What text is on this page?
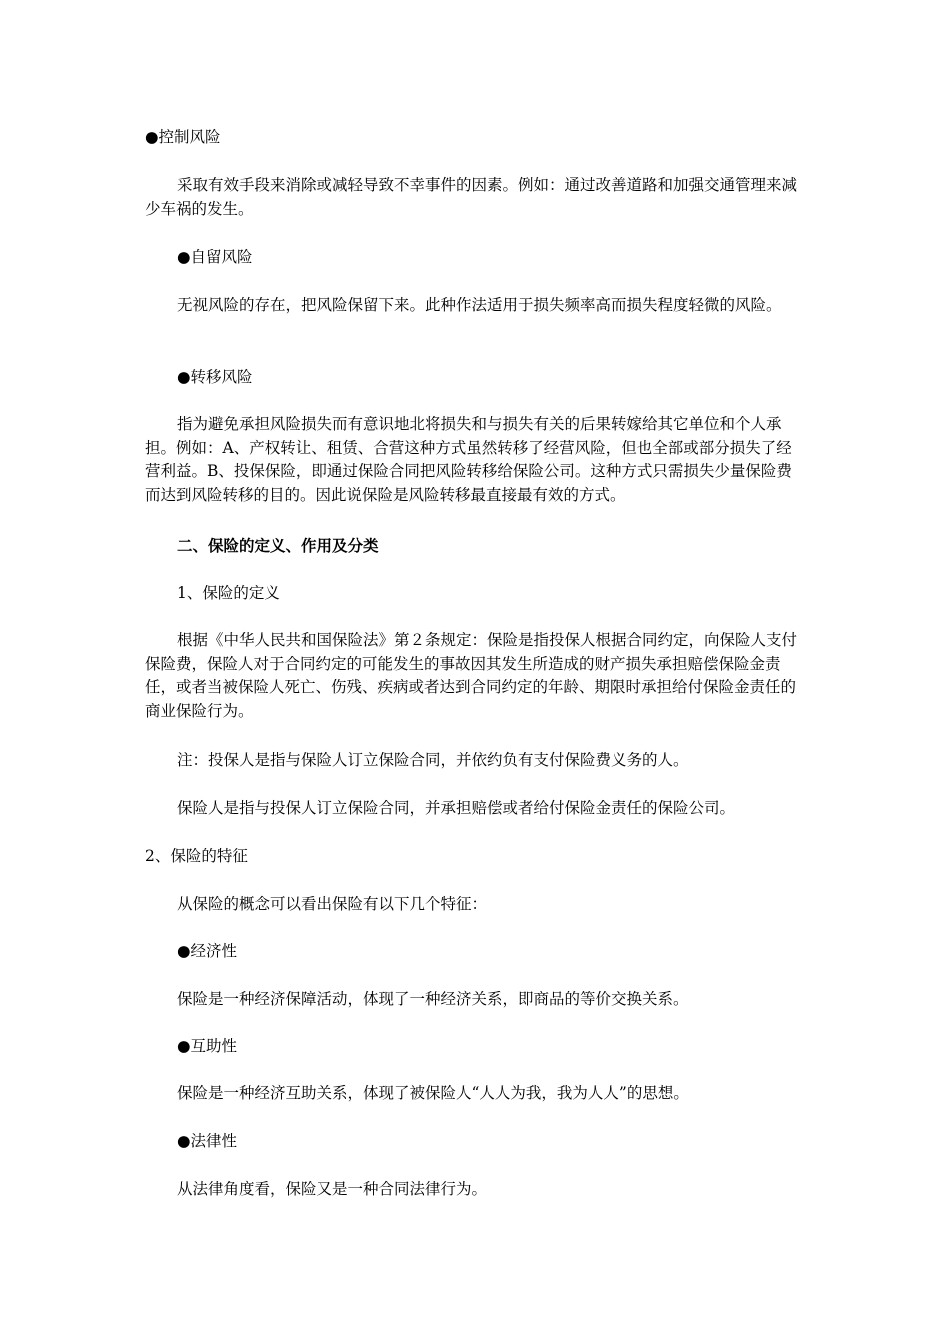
●控制风险

采取有效手段来消除或减轻导致不幸事件的因素。例如：通过改善道路和加强交通管理来减少车祸的发生。

●自留风险

无视风险的存在，把风险保留下来。此种作法适用于损失频率高而损失程度轻微的风险。

●转移风险

指为避免承担风险损失而有意识地北将损失和与损失有关的后果转嫁给其它单位和个人承担。例如：A、产权转让、租赁、合营这种方式虽然转移了经营风险，但也全部或部分损失了经营利益。B、投保保险，即通过保险合同把风险转移给保险公司。这种方式只需损失少量保险费而达到风险转移的目的。因此说保险是风险转移最直接最有效的方式。

二、保险的定义、作用及分类

1、保险的定义

根据《中华人民共和国保险法》第２条规定：保险是指投保人根据合同约定，向保险人支付保险费，保险人对于合同约定的可能发生的事故因其发生所造成的财产损失承担赔偿保险金责任，或者当被保险人死亡、伤残、疾病或者达到合同约定的年龄、期限时承担给付保险金责任的商业保险行为。

注：投保人是指与保险人订立保险合同，并依约负有支付保险费义务的人。

保险人是指与投保人订立保险合同，并承担赔偿或者给付保险金责任的保险公司。

2、保险的特征

从保险的概念可以看出保险有以下几个特征：

●经济性

保险是一种经济保障活动，体现了一种经济关系，即商品的等价交换关系。

●互助性

保险是一种经济互助关系，体现了被保险人“人人为我，我为人人”的思想。

●法律性

从法律角度看，保险又是一种合同法律行为。
